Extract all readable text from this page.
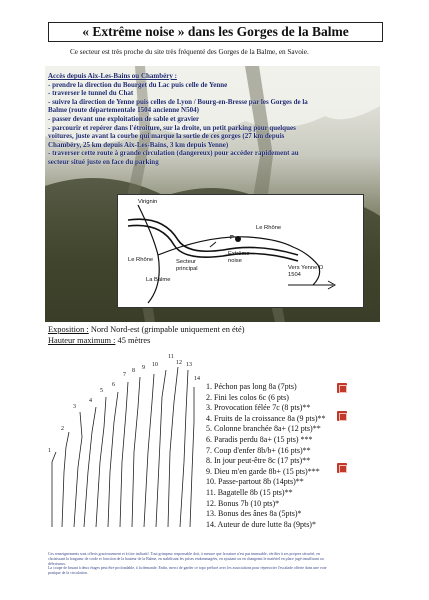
« Extrême noise » dans les Gorges de la Balme
Ce secteur est très proche du site très fréquenté des Gorges de la Balme, en Savoie.
Accès depuis Aix-Les-Bains ou Chambéry :
- prendre la direction du Bourget du Lac puis celle de Yenne
- traverser le tunnel du Chat
- suivre la direction de Yenne puis celles de Lyon / Bourg-en-Bresse par les Gorges de la
Balme (route départementale 1504 ancienne N504)
- passer devant une exploitation de sable et gravier
- parcourir et repérer dans l'étroiture, sur la droite, un petit parking pour quelques
voitures, juste avant la courbe qui marque la sortie de ces gorges (27 km depuis
Chambéry, 25 km depuis Aix-Les-Bains, 3 km depuis Yenne)
- traverser cette route à grande circulation (dangereux) pour accéder rapidement au
secteur situé juste en face du parking
Virignin
Le Rhône
Le Rhône
P
Secteur principal
Extrême noise
La Balme
Vers Yenne D 1504
Exposition : Nord Nord-est (grimpable uniquement en été)
Hauteur maximum : 45 mètres
1
2
3
4
5
6
7
8 9 10
11
12 13
14
1. Péchon pas long 8a (7pts)
2. Fini les colos 6c (6 pts)
3. Provocation félée 7c (8 pts)**
4. Fruits de la croissance 8a (9 pts)**
5. Colonne branchée 8a+ (12 pts)**
6. Paradis perdu 8a+ (15 pts) ***
7. Coup d'enfer 8b/b+ (16 pts)**
8. In jour peut-être 8c (17 pts)**
9. Dieu m'en garde 8b+ (15 pts)***
10. Passe-partout 8b (14pts)**
11. Bagatelle 8b (15 pts)**
12. Bonus 7b (10 pts)*
13. Bonus des ânes 8a (5pts)*
14. Auteur de dure lutte 8a (9pts)*
Ces renseignements sont offerts gracieusement et à titre indicatif. Tout grimpeur responsable doit, à mesure que la nature n'est pas immuable, vérifier à ses propres sécurité, en
choisissant la longueur de corde et fonction de la hauteur de la Balme, en stabilisant les prises endommagées, en ajoutant ou en changeant le matériel en place jugé insuffisant ou
défectueux.
La coupe de bruant à deux étages peut être profondable, à la demande. Enfin, merci de garder ce topo préfacé avec les associations pour répertorier l'escalade offerte dans une voie
pratique de la circulation.
